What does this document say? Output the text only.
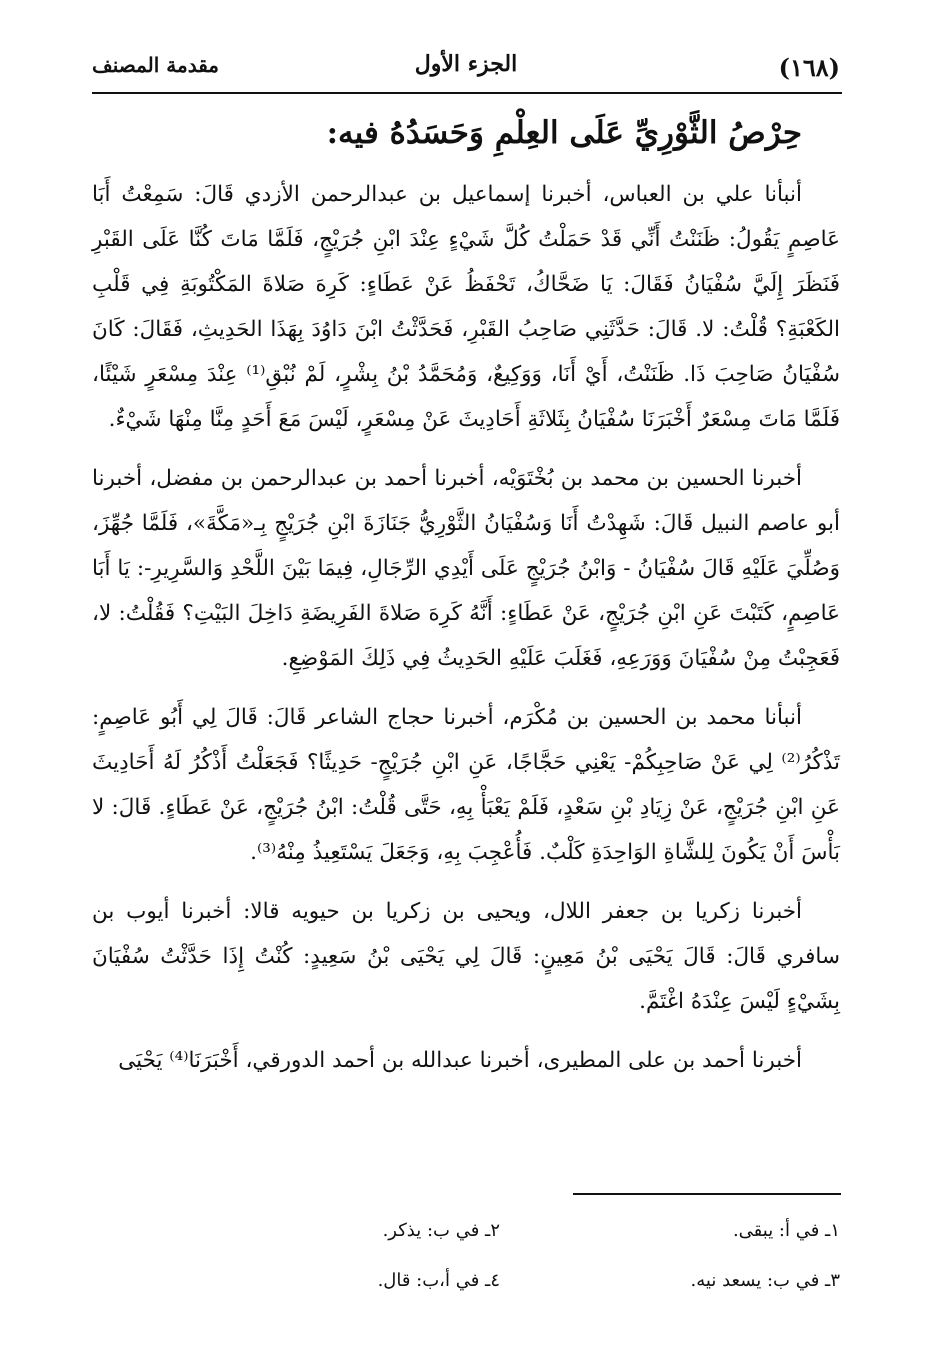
(١٦٨)
الجزء الأول
مقدمة المصنف
حِرْصُ الثَّوْرِيِّ عَلَى العِلْمِ وَحَسَدُهُ فيه:

أنبأنا علي بن العباس، أخبرنا إسماعيل بن عبدالرحمن الأزدي قَالَ: سَمِعْتُ أَبَا عَاصِمٍ يَقُولُ: ظَنَنْتُ أَنِّي قَدْ حَمَلْتُ كُلَّ شَيْءٍ عِنْدَ ابْنِ جُرَيْجٍ، فَلَمَّا مَاتَ كُنَّا عَلَى القَبْرِ فَنَظَرَ إِلَيَّ سُفْيَانُ فَقَالَ: يَا ضَحَّاكُ، تَحْفَظُ عَنْ عَطَاءٍ: كَرِهَ صَلاةَ المَكْتُوبَةِ فِي قَلْبِ الكَعْبَةِ؟ قُلْتُ: لا. قَالَ: حَدَّثَنِي صَاحِبُ القَبْرِ، فَحَدَّثْتُ ابْنَ دَاوُدَ بِهَذَا الحَدِيثِ، فَقَالَ: كَانَ سُفْيَانُ صَاحِبَ ذَا. ظَنَنْتُ، أَيْ أَنَا، وَوَكِيعٌ، وَمُحَمَّدُ بْنُ بِشْرٍ، لَمْ نُبْقِ⁽¹⁾ عِنْدَ مِسْعَرٍ شَيْئًا، فَلَمَّا مَاتَ مِسْعَرٌ أَخْبَرَنَا سُفْيَانُ بِثَلاثَةِ أَحَادِيثَ عَنْ مِسْعَرٍ، لَيْسَ مَعَ أَحَدٍ مِنَّا مِنْهَا شَيْءٌ.

أخبرنا الحسين بن محمد بن بُخْتَوَيْه، أخبرنا أحمد بن عبدالرحمن بن مفضل، أخبرنا أبو عاصم النبيل قَالَ: شَهِدْتُ أَنَا وَسُفْيَانُ الثَّوْرِيُّ جَنَازَةَ ابْنِ جُرَيْجٍ بِـ«مَكَّةَ»، فَلَمَّا جُهِّزَ، وَصُلِّيَ عَلَيْهِ قَالَ سُفْيَانُ - وَابْنُ جُرَيْجٍ عَلَى أَيْدِي الرِّجَالِ، فِيمَا بَيْنَ اللَّحْدِ وَالسَّرِيرِ-: يَا أَبَا عَاصِمٍ، كَتَبْتَ عَنِ ابْنِ جُرَيْجٍ، عَنْ عَطَاءٍ: أَنَّهُ كَرِهَ صَلاةَ الفَرِيضَةِ دَاخِلَ البَيْتِ؟ فَقُلْتُ: لا، فَعَجِبْتُ مِنْ سُفْيَانَ وَوَرَعِهِ، فَغَلَبَ عَلَيْهِ الحَدِيثُ فِي ذَلِكَ المَوْضِعِ.

أنبأنا محمد بن الحسين بن مُكْرَم، أخبرنا حجاج الشاعر قَالَ: قَالَ لِي أَبُو عَاصِمٍ: تَذْكُرُ⁽²⁾ لِي عَنْ صَاحِبِكُمْ- يَعْنِي حَجَّاجًا، عَنِ ابْنِ جُرَيْجٍ- حَدِيثًا؟ فَجَعَلْتُ أَذْكُرُ لَهُ أَحَادِيثَ عَنِ ابْنِ جُرَيْجٍ، عَنْ زِيَادِ بْنِ سَعْدٍ، فَلَمْ يَعْبَأْ بِهِ، حَتَّى قُلْتُ: ابْنُ جُرَيْجٍ، عَنْ عَطَاءٍ. قَالَ: لا بَأْسَ أَنْ يَكُونَ لِلشَّاةِ الوَاحِدَةِ كَلْبٌ. فَأُعْجِبَ بِهِ، وَجَعَلَ يَسْتَعِيذُ مِنْهُ⁽³⁾.

أخبرنا زكريا بن جعفر اللال، ويحيى بن زكريا بن حيويه قالا: أخبرنا أيوب بن سافري قَالَ: قَالَ يَحْيَى بْنُ مَعِينٍ: قَالَ لِي يَحْيَى بْنُ سَعِيدٍ: كُنْتُ إِذَا حَدَّثْتُ سُفْيَانَ بِشَيْءٍ لَيْسَ عِنْدَهُ اغْتَمَّ.

أخبرنا أحمد بن على المطيرى، أخبرنا عبدالله بن أحمد الدورقي، أَخْبَرَنَا⁽⁴⁾ يَحْيَى

١ـ في أ: يبقى.
٢ـ في ب: يذكر.
٣ـ في ب: يسعد نيه.
٤ـ في أ،ب: قال.
